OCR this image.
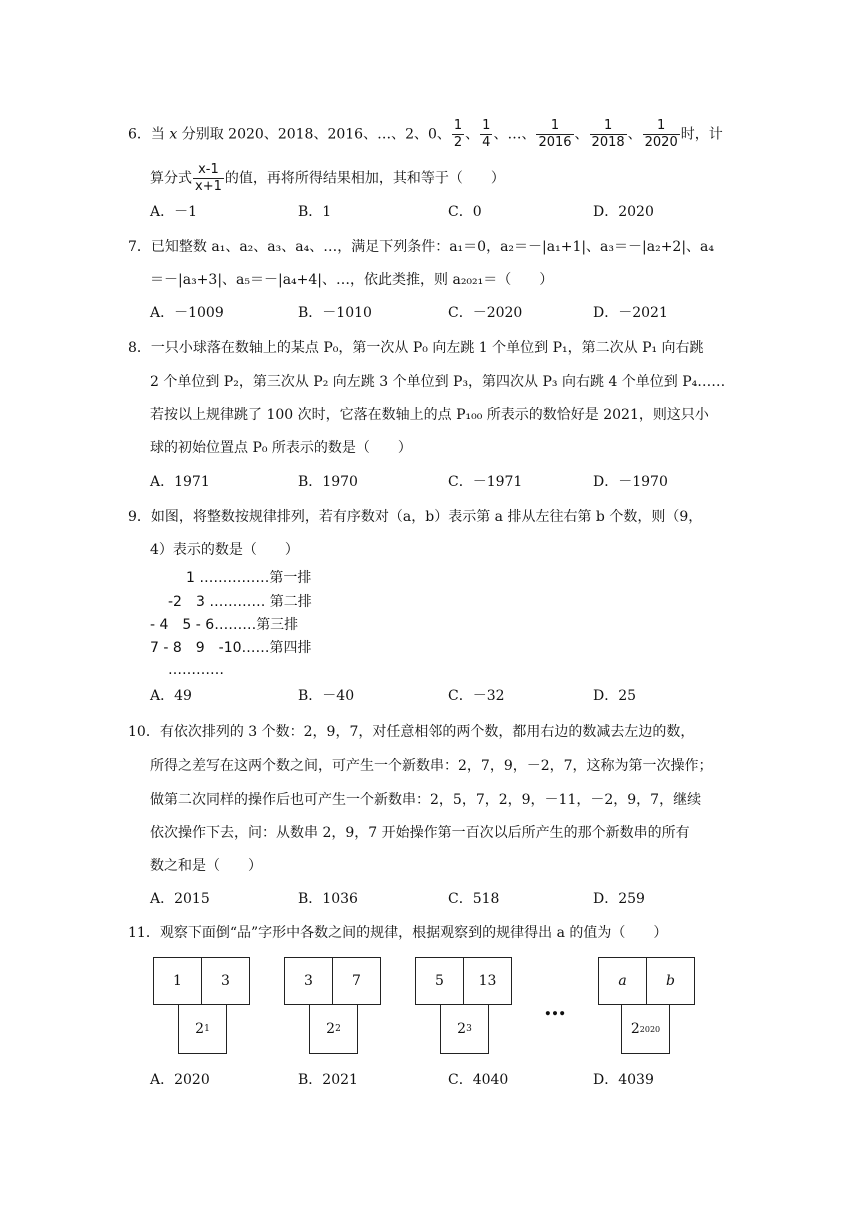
6．当 x 分别取 2020、2018、2016、…、2、0、 $\frac{1}{2}$ 、 $\frac{1}{4}$ 、…、 $\frac{1}{2016}$ 、 $\frac{1}{2018}$ 、 $\frac{1}{2020}$ 时，计
算分式 $\frac{x-1}{x+1}$ 的值，再将所得结果相加，其和等于（　　）
A．－1	B．1	C．0	D．2020
7．已知整数 a₁、a₂、a₃、a₄、…，满足下列条件：a₁＝0，a₂＝－|a₁+1|、a₃＝－|a₂+2|、a₄
＝－|a₃+3|、a₅＝－|a₄+4|、…，依此类推，则 a₂₀₂₁＝（　　）
A．－1009	B．－1010	C．－2020	D．－2021
8．一只小球落在数轴上的某点 P₀，第一次从 P₀ 向左跳 1 个单位到 P₁，第二次从 P₁ 向右跳
2 个单位到 P₂，第三次从 P₂ 向左跳 3 个单位到 P₃，第四次从 P₃ 向右跳 4 个单位到 P₄……
若按以上规律跳了 100 次时，它落在数轴上的点 P₁₀₀ 所表示的数恰好是 2021，则这只小
球的初始位置点 P₀ 所表示的数是（　　）
A．1971	B．1970	C．－1971	D．－1970
9．如图，将整数按规律排列，若有序数对（a，b）表示第 a 排从左往右第 b 个数，则（9，
4）表示的数是（　　）
1 ……………第一排
-2　3 ………… 第二排
- 4　5 - 6………第三排
7 - 8　9　-10……第四排
…………
A．49	B．－40	C．－32	D．25
10．有依次排列的 3 个数：2，9，7，对任意相邻的两个数，都用右边的数减去左边的数，
所得之差写在这两个数之间，可产生一个新数串：2，7，9，－2，7，这称为第一次操作；
做第二次同样的操作后也可产生一个新数串：2，5，7，2，9，－11，－2，9，7，继续
依次操作下去，问：从数串 2，9，7 开始操作第一百次以后所产生的那个新数串的所有
数之和是（　　）
A．2015	B．1036	C．518	D．259
11．观察下面倒“品”字形中各数之间的规律，根据观察到的规律得出 a 的值为（　　）
1	3
2 1
3	7
2 2
5	13
2 3
…
a	b
2 2020
A．2020	B．2021	C．4040	D．4039
